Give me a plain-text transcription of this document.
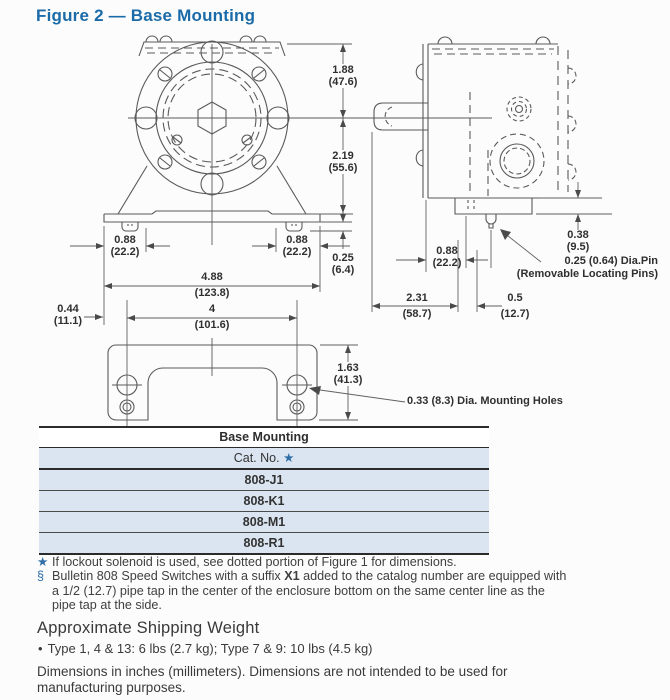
Figure 2 — Base Mounting
1.88
(47.6)
2.19
(55.6)
0.88
(22.2)
0.88
(22.2)	0.25
(6.4)
4.88
(123.8)
0.44
(11.1)
4
(101.6)
0.38
(9.5)
0.88
(22.2)
2.31
(58.7)
0.5
(12.7)
1.63
(41.3)
0.25 (0.64) Dia.Pin
(Removable Locating Pins)
0.33 (8.3) Dia. Mounting Holes
Base Mounting
Cat. No. ★
808-J1
808-K1
808-M1
808-R1
★ If lockout solenoid is used, see dotted portion of Figure 1 for dimensions.
§ Bulletin 808 Speed Switches with a suffix X1 added to the catalog number are equipped with a 1/2 (12.7) pipe tap in the center of the enclosure bottom on the same center line as the pipe tap at the side.
Approximate Shipping Weight
• Type 1, 4 & 13: 6 lbs (2.7 kg); Type 7 & 9: 10 lbs (4.5 kg)
Dimensions in inches (millimeters). Dimensions are not intended to be used for manufacturing purposes.
